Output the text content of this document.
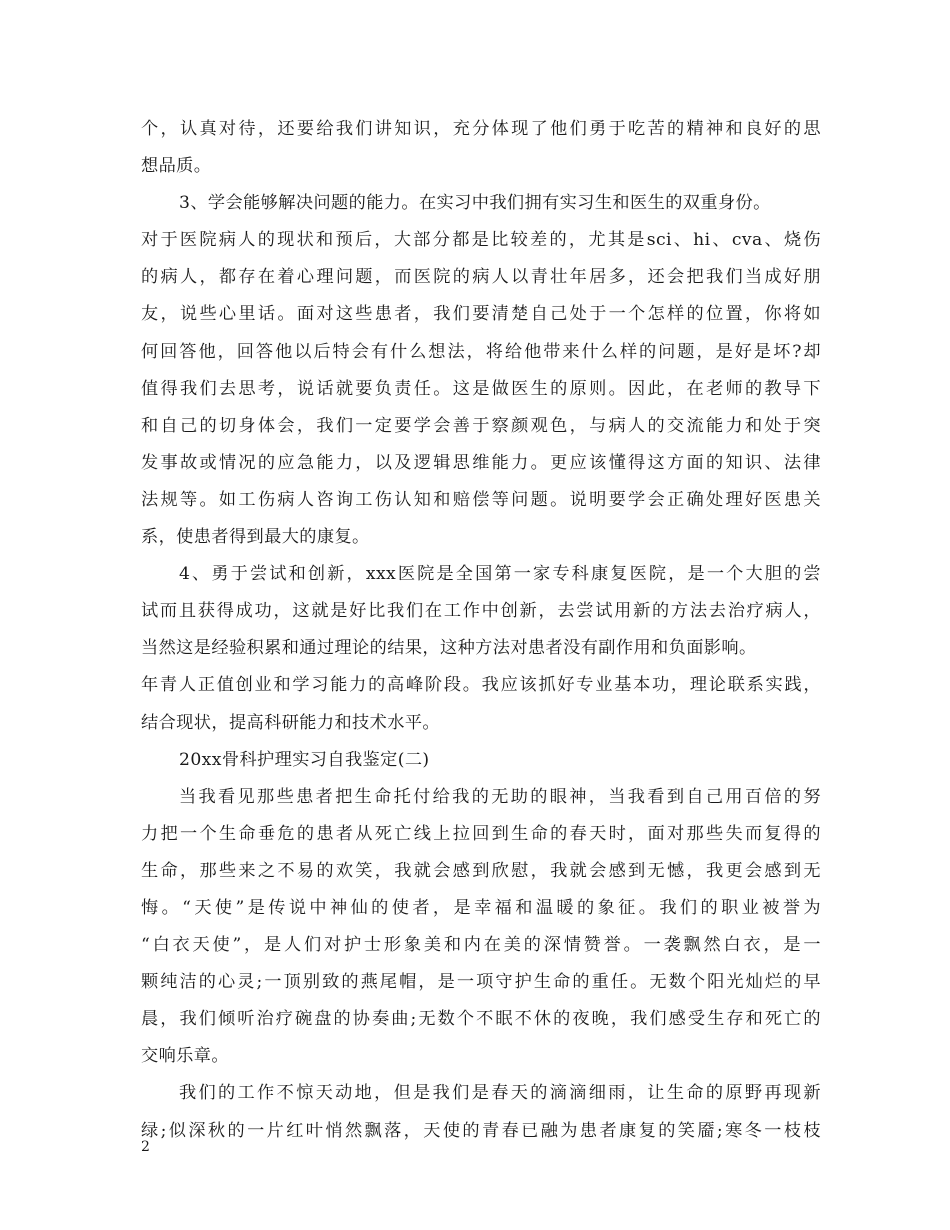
个，认真对待，还要给我们讲知识，充分体现了他们勇于吃苦的精神和良好的思
想品质。
3、学会能够解决问题的能力。在实习中我们拥有实习生和医生的双重身份。
对于医院病人的现状和预后，大部分都是比较差的，尤其是sci、hi、cva、烧伤
的病人，都存在着心理问题，而医院的病人以青壮年居多，还会把我们当成好朋
友，说些心里话。面对这些患者，我们要清楚自己处于一个怎样的位置，你将如
何回答他，回答他以后特会有什么想法，将给他带来什么样的问题，是好是坏?却
值得我们去思考，说话就要负责任。这是做医生的原则。因此，在老师的教导下
和自己的切身体会，我们一定要学会善于察颜观色，与病人的交流能力和处于突
发事故或情况的应急能力，以及逻辑思维能力。更应该懂得这方面的知识、法律
法规等。如工伤病人咨询工伤认知和赔偿等问题。说明要学会正确处理好医患关
系，使患者得到最大的康复。
4、勇于尝试和创新，xxx医院是全国第一家专科康复医院，是一个大胆的尝
试而且获得成功，这就是好比我们在工作中创新，去尝试用新的方法去治疗病人，
当然这是经验积累和通过理论的结果，这种方法对患者没有副作用和负面影响。
年青人正值创业和学习能力的高峰阶段。我应该抓好专业基本功，理论联系实践，
结合现状，提高科研能力和技术水平。
20xx骨科护理实习自我鉴定(二)
当我看见那些患者把生命托付给我的无助的眼神，当我看到自己用百倍的努
力把一个生命垂危的患者从死亡线上拉回到生命的春天时，面对那些失而复得的
生命，那些来之不易的欢笑，我就会感到欣慰，我就会感到无憾，我更会感到无
悔。“天使”是传说中神仙的使者，是幸福和温暖的象征。我们的职业被誉为
“白衣天使”，是人们对护士形象美和内在美的深情赞誉。一袭飘然白衣，是一
颗纯洁的心灵;一顶别致的燕尾帽，是一项守护生命的重任。无数个阳光灿烂的早
晨，我们倾听治疗碗盘的协奏曲;无数个不眠不休的夜晚，我们感受生存和死亡的
交响乐章。
我们的工作不惊天动地，但是我们是春天的滴滴细雨，让生命的原野再现新
绿;似深秋的一片红叶悄然飘落，天使的青春已融为患者康复的笑靥;寒冬一枝枝
2
